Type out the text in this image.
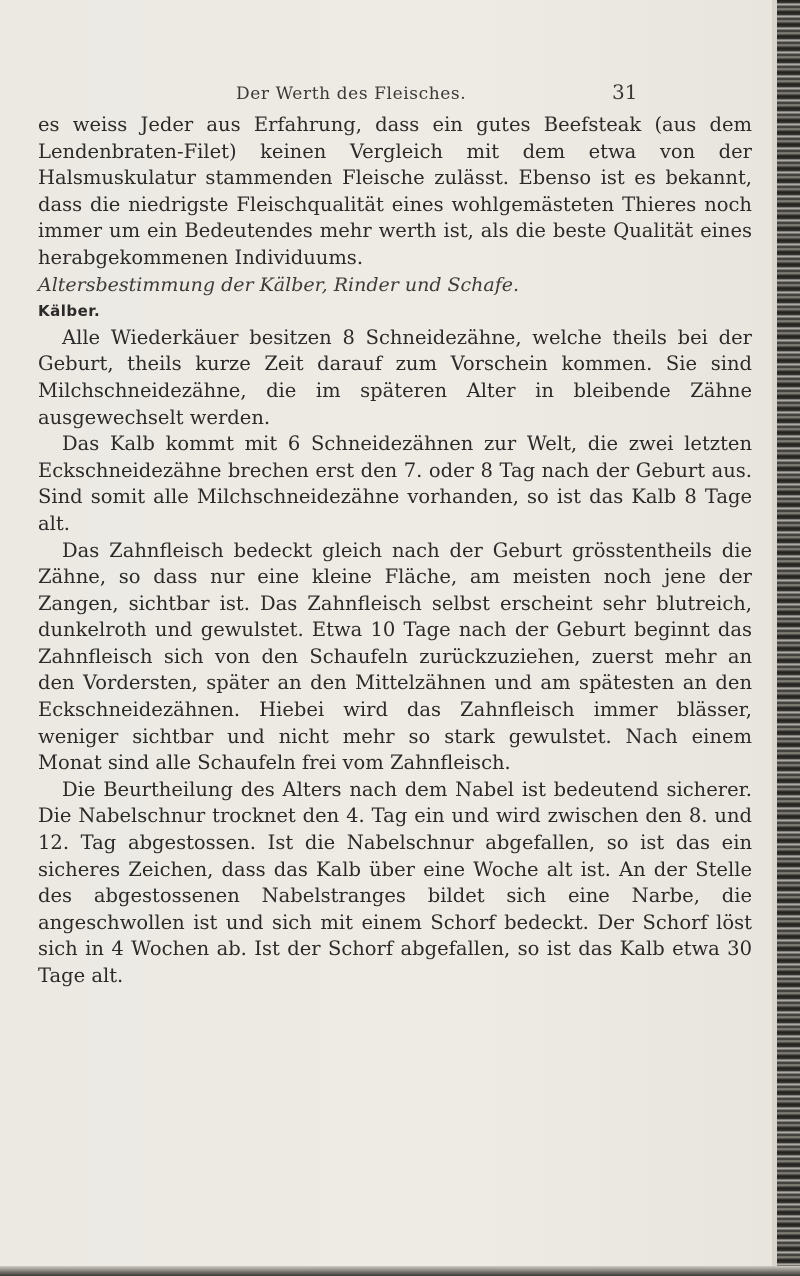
Der Werth des Fleisches.	31

es weiss Jeder aus Erfahrung, dass ein gutes Beefsteak (aus dem Lendenbraten-Filet) keinen Vergleich mit dem etwa von der Halsmuskulatur stammenden Fleische zulässt. Ebenso ist es bekannt, dass die niedrigste Fleischqualität eines wohlgemästeten Thieres noch immer um ein Bedeutendes mehr werth ist, als die beste Qualität eines herabgekommenen Individuums.

Altersbestimmung der Kälber, Rinder und Schafe.

Kälber.

Alle Wiederkäuer besitzen 8 Schneidezähne, welche theils bei der Geburt, theils kurze Zeit darauf zum Vorschein kommen. Sie sind Milchschneidezähne, die im späteren Alter in bleibende Zähne ausgewechselt werden.

Das Kalb kommt mit 6 Schneidezähnen zur Welt, die zwei letzten Eckschneidezähne brechen erst den 7. oder 8 Tag nach der Geburt aus. Sind somit alle Milchschneidezähne vorhanden, so ist das Kalb 8 Tage alt.

Das Zahnfleisch bedeckt gleich nach der Geburt grösstentheils die Zähne, so dass nur eine kleine Fläche, am meisten noch jene der Zangen, sichtbar ist. Das Zahnfleisch selbst erscheint sehr blutreich, dunkelroth und gewulstet. Etwa 10 Tage nach der Geburt beginnt das Zahnfleisch sich von den Schaufeln zurückzuziehen, zuerst mehr an den Vordersten, später an den Mittelzähnen und am spätesten an den Eckschneidezähnen. Hiebei wird das Zahnfleisch immer blässer, weniger sichtbar und nicht mehr so stark gewulstet. Nach einem Monat sind alle Schaufeln frei vom Zahnfleisch.

Die Beurtheilung des Alters nach dem Nabel ist bedeutend sicherer. Die Nabelschnur trocknet den 4. Tag ein und wird zwischen den 8. und 12. Tag abgestossen. Ist die Nabelschnur abgefallen, so ist das ein sicheres Zeichen, dass das Kalb über eine Woche alt ist. An der Stelle des abgestossenen Nabelstranges bildet sich eine Narbe, die angeschwollen ist und sich mit einem Schorf bedeckt. Der Schorf löst sich in 4 Wochen ab. Ist der Schorf abgefallen, so ist das Kalb etwa 30 Tage alt.
